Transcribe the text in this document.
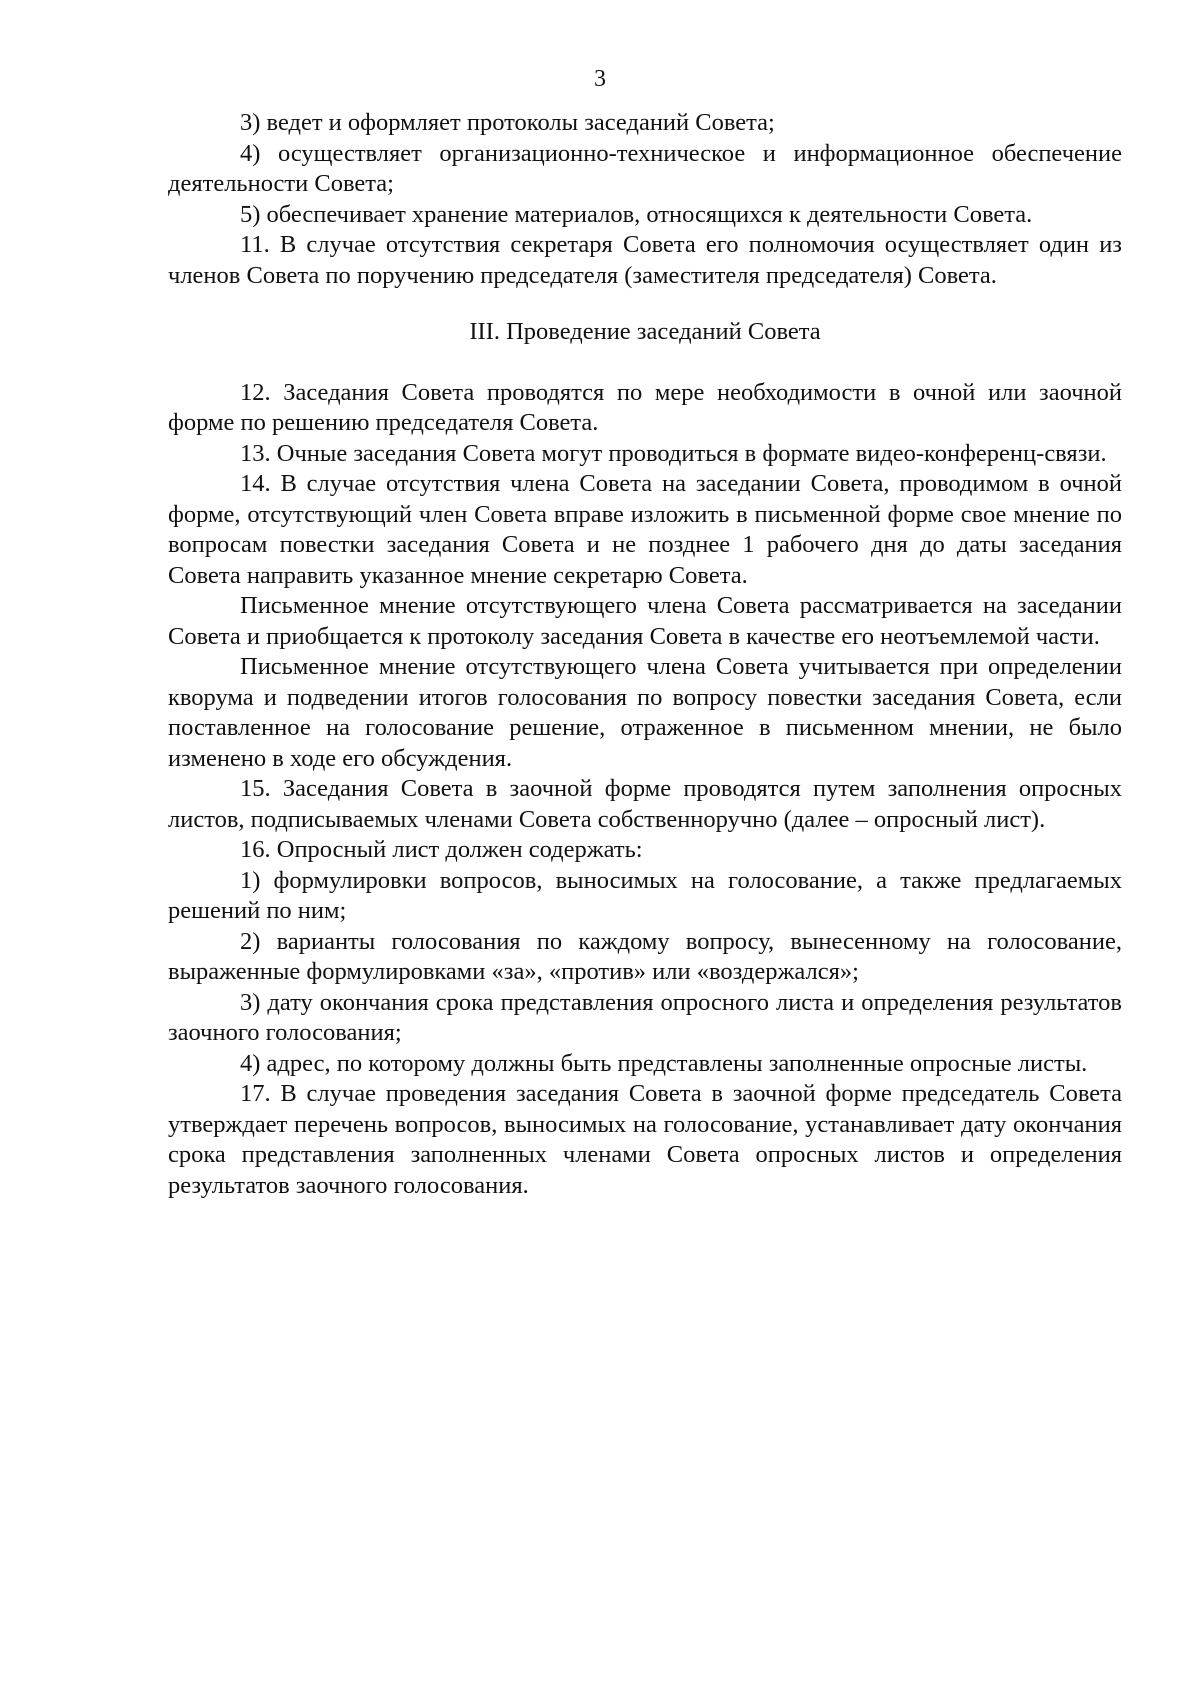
3

3) ведет и оформляет протоколы заседаний Совета;

4) осуществляет организационно-техническое и информационное обеспечение деятельности Совета;

5) обеспечивает хранение материалов, относящихся к деятельности Совета.

11. В случае отсутствия секретаря Совета его полномочия осуществляет один из членов Совета по поручению председателя (заместителя председателя) Совета.

III. Проведение заседаний Совета

12. Заседания Совета проводятся по мере необходимости в очной или заочной форме по решению председателя Совета.

13. Очные заседания Совета могут проводиться в формате видео-конференц-связи.

14. В случае отсутствия члена Совета на заседании Совета, проводимом в очной форме, отсутствующий член Совета вправе изложить в письменной форме свое мнение по вопросам повестки заседания Совета и не позднее 1 рабочего дня до даты заседания Совета направить указанное мнение секретарю Совета.

Письменное мнение отсутствующего члена Совета рассматривается на заседании Совета и приобщается к протоколу заседания Совета в качестве его неотъемлемой части.

Письменное мнение отсутствующего члена Совета учитывается при определении кворума и подведении итогов голосования по вопросу повестки заседания Совета, если поставленное на голосование решение, отраженное в письменном мнении, не было изменено в ходе его обсуждения.

15. Заседания Совета в заочной форме проводятся путем заполнения опросных листов, подписываемых членами Совета собственноручно (далее – опросный лист).

16. Опросный лист должен содержать:

1) формулировки вопросов, выносимых на голосование, а также предлагаемых решений по ним;

2) варианты голосования по каждому вопросу, вынесенному на голосование, выраженные формулировками «за», «против» или «воздержался»;

3) дату окончания срока представления опросного листа и определения результатов заочного голосования;

4) адрес, по которому должны быть представлены заполненные опросные листы.

17. В случае проведения заседания Совета в заочной форме председатель Совета утверждает перечень вопросов, выносимых на голосование, устанавливает дату окончания срока представления заполненных членами Совета опросных листов и определения результатов заочного голосования.
